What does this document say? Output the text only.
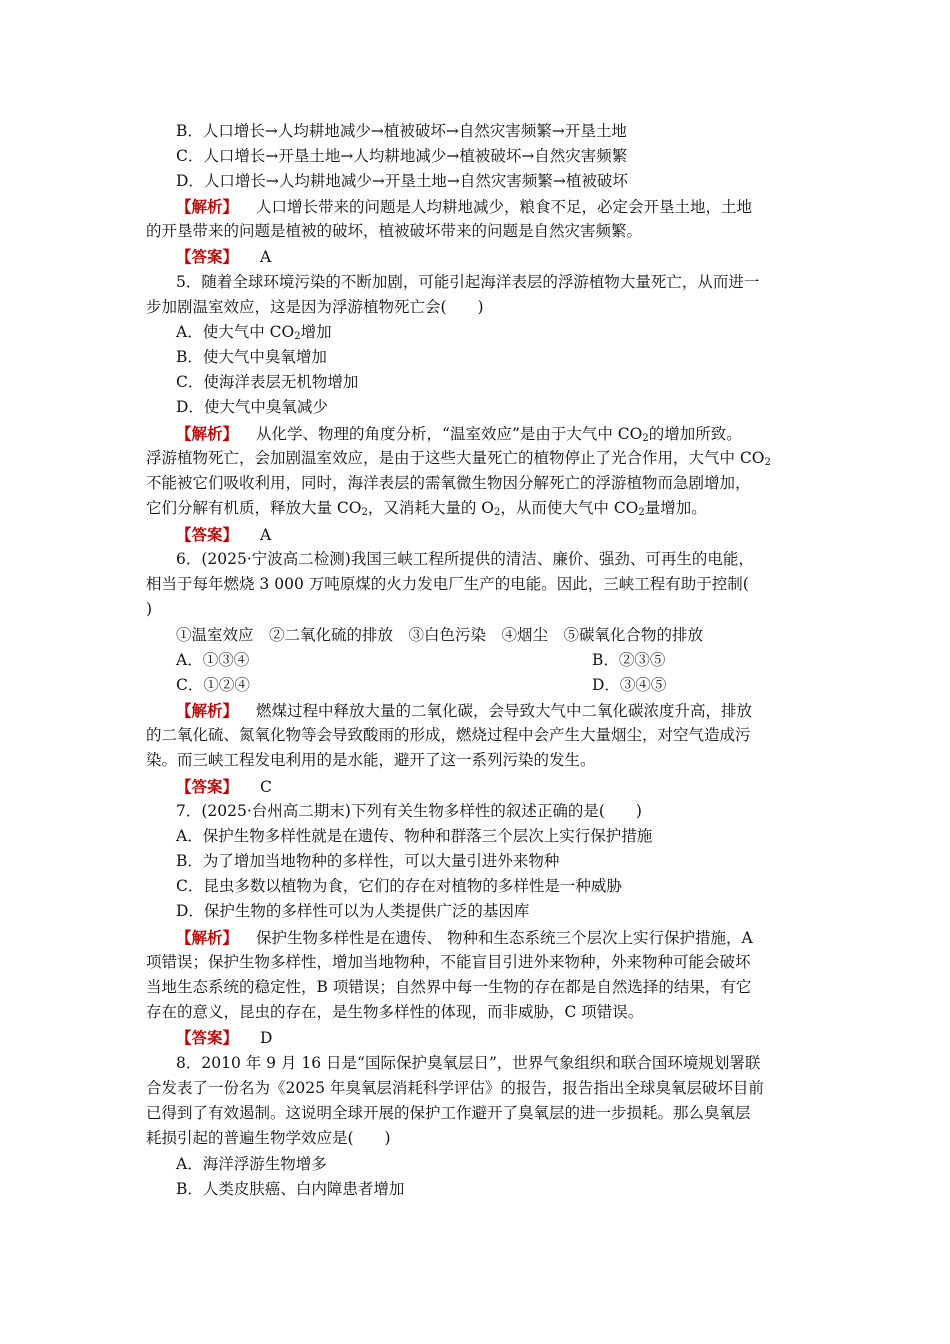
B．人口增长→人均耕地减少→植被破坏→自然灾害频繁→开垦土地
C．人口增长→开垦土地→人均耕地减少→植被破坏→自然灾害频繁
D．人口增长→人均耕地减少→开垦土地→自然灾害频繁→植被破坏
【解析】 人口增长带来的问题是人均耕地减少，粮食不足，必定会开垦土地，土地
的开垦带来的问题是植被的破坏，植被破坏带来的问题是自然灾害频繁。
【答案】 A
5．随着全球环境污染的不断加剧，可能引起海洋表层的浮游植物大量死亡，从而进一
步加剧温室效应，这是因为浮游植物死亡会(　　)
A．使大气中 $CO_2$增加
B．使大气中臭氧增加
C．使海洋表层无机物增加
D．使大气中臭氧减少
【解析】 从化学、物理的角度分析，“温室效应”是由于大气中 $CO_2$的增加所致。
浮游植物死亡，会加剧温室效应，是由于这些大量死亡的植物停止了光合作用，大气中 $CO_2$
不能被它们吸收利用，同时，海洋表层的需氧微生物因分解死亡的浮游植物而急剧增加，
它们分解有机质，释放大量 $CO_2$，又消耗大量的 $O_2$，从而使大气中 $CO_2$量增加。
【答案】 A
6．(2025·宁波高二检测)我国三峡工程所提供的清洁、廉价、强劲、可再生的电能，
相当于每年燃烧 3 000 万吨原煤的火力发电厂生产的电能。因此，三峡工程有助于控制(
)
①温室效应　②二氧化硫的排放　③白色污染　④烟尘　⑤碳氧化合物的排放
A．①③④	B．②③⑤
C．①②④	D．③④⑤
【解析】 燃煤过程中释放大量的二氧化碳，会导致大气中二氧化碳浓度升高，排放
的二氧化硫、氮氧化物等会导致酸雨的形成，燃烧过程中会产生大量烟尘，对空气造成污
染。而三峡工程发电利用的是水能，避开了这一系列污染的发生。
【答案】 C
7．(2025·台州高二期末)下列有关生物多样性的叙述正确的是(　　)
A．保护生物多样性就是在遗传、物种和群落三个层次上实行保护措施
B．为了增加当地物种的多样性，可以大量引进外来物种
C．昆虫多数以植物为食，它们的存在对植物的多样性是一种威胁
D．保护生物的多样性可以为人类提供广泛的基因库
【解析】 保护生物多样性是在遗传、 物种和生态系统三个层次上实行保护措施，A
项错误；保护生物多样性，增加当地物种，不能盲目引进外来物种，外来物种可能会破坏
当地生态系统的稳定性，B 项错误；自然界中每一生物的存在都是自然选择的结果，有它
存在的意义，昆虫的存在，是生物多样性的体现，而非威胁，C 项错误。
【答案】 D
8．2010 年 9 月 16 日是“国际保护臭氧层日”，世界气象组织和联合国环境规划署联
合发表了一份名为《2025 年臭氧层消耗科学评估》的报告，报告指出全球臭氧层破坏目前
已得到了有效遏制。这说明全球开展的保护工作避开了臭氧层的进一步损耗。那么臭氧层
耗损引起的普遍生物学效应是(　　)
A．海洋浮游生物增多
B．人类皮肤癌、白内障患者增加
